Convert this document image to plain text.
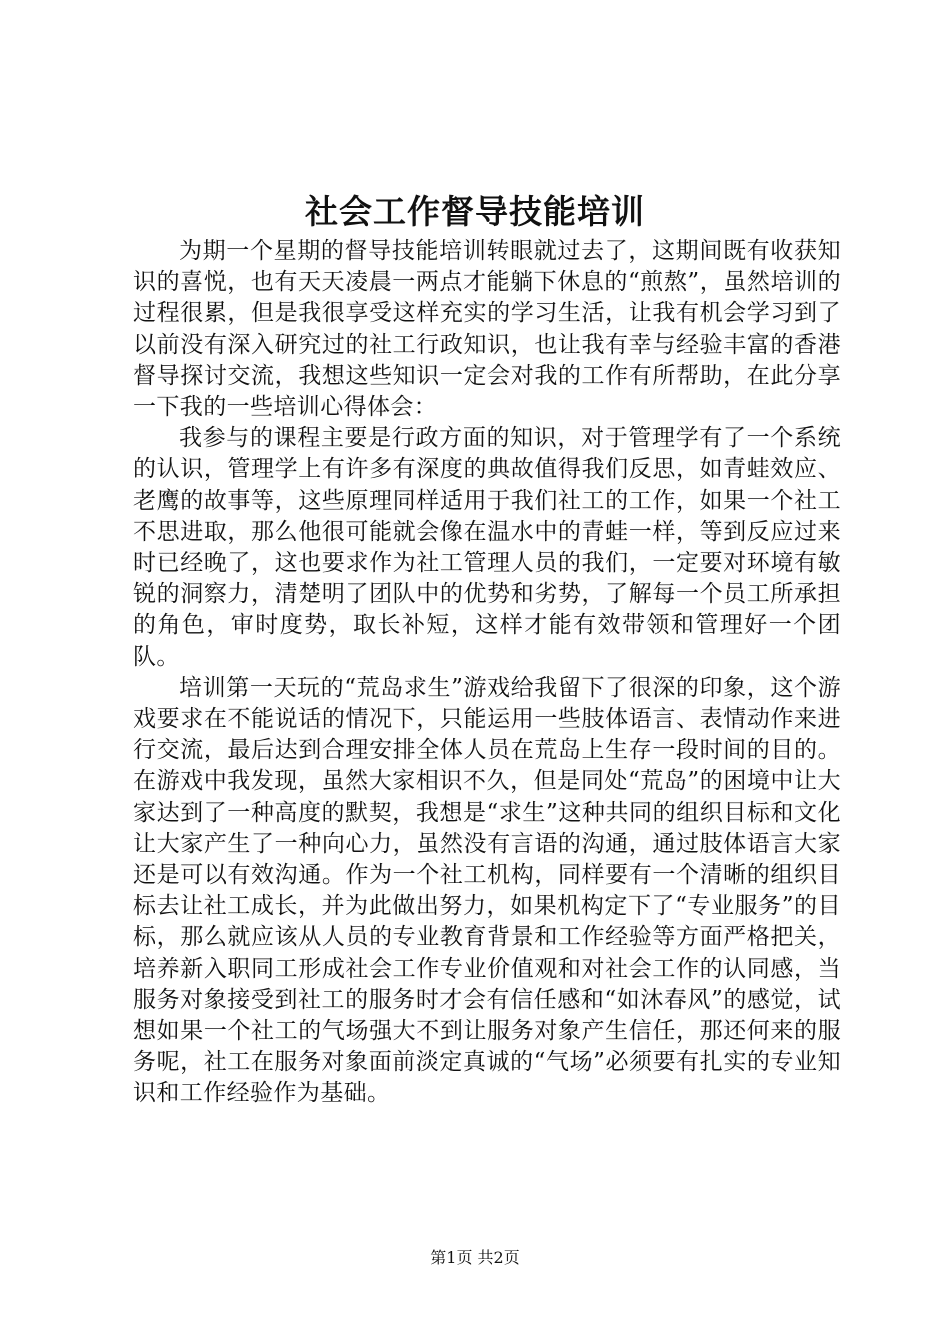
社会工作督导技能培训

为期一个星期的督导技能培训转眼就过去了，这期间既有收获知识的喜悦，也有天天凌晨一两点才能躺下休息的“煎熬”，虽然培训的过程很累，但是我很享受这样充实的学习生活，让我有机会学习到了以前没有深入研究过的社工行政知识，也让我有幸与经验丰富的香港督导探讨交流，我想这些知识一定会对我的工作有所帮助，在此分享一下我的一些培训心得体会：

我参与的课程主要是行政方面的知识，对于管理学有了一个系统的认识，管理学上有许多有深度的典故值得我们反思，如青蛙效应、老鹰的故事等，这些原理同样适用于我们社工的工作，如果一个社工不思进取，那么他很可能就会像在温水中的青蛙一样，等到反应过来时已经晚了，这也要求作为社工管理人员的我们，一定要对环境有敏锐的洞察力，清楚明了团队中的优势和劣势，了解每一个员工所承担的角色，审时度势，取长补短，这样才能有效带领和管理好一个团队。

培训第一天玩的“荒岛求生”游戏给我留下了很深的印象，这个游戏要求在不能说话的情况下，只能运用一些肢体语言、表情动作来进行交流，最后达到合理安排全体人员在荒岛上生存一段时间的目的。在游戏中我发现，虽然大家相识不久，但是同处“荒岛”的困境中让大家达到了一种高度的默契，我想是“求生”这种共同的组织目标和文化让大家产生了一种向心力，虽然没有言语的沟通，通过肢体语言大家还是可以有效沟通。作为一个社工机构，同样要有一个清晰的组织目标去让社工成长，并为此做出努力，如果机构定下了“专业服务”的目标，那么就应该从人员的专业教育背景和工作经验等方面严格把关，培养新入职同工形成社会工作专业价值观和对社会工作的认同感，当服务对象接受到社工的服务时才会有信任感和“如沐春风”的感觉，试想如果一个社工的气场强大不到让服务对象产生信任，那还何来的服务呢，社工在服务对象面前淡定真诚的“气场”必须要有扎实的专业知识和工作经验作为基础。

第1页 共2页
